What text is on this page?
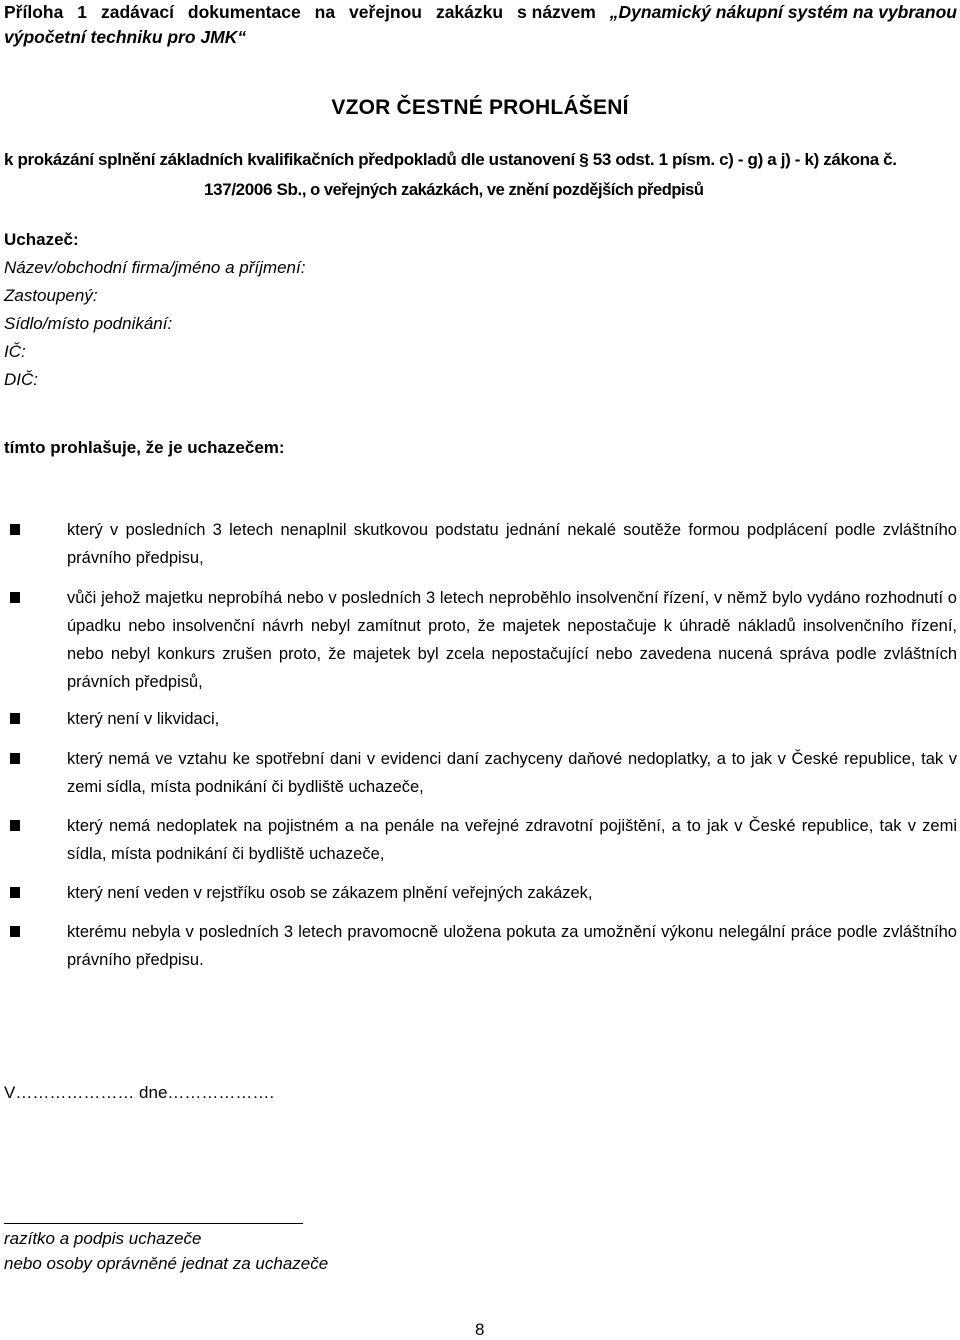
Příloha 1 zadávací dokumentace na veřejnou zakázku s názvem „Dynamický nákupní systém na vybranou
výpočetní techniku pro JMK“
VZOR ČESTNÉ PROHLÁŠENÍ
k prokázání splnění základních kvalifikačních předpokladů dle ustanovení § 53 odst. 1 písm. c) - g) a j) - k) zákona č.
137/2006 Sb., o veřejných zakázkách, ve znění pozdějších předpisů
Uchazeč:
Název/obchodní firma/jméno a příjmení:
Zastoupený:
Sídlo/místo podnikání:
IČ:
DIČ:
tímto prohlašuje, že je uchazečem:
který v posledních 3 letech nenaplnil skutkovou podstatu jednání nekalé soutěže formou podplácení podle zvláštního právního předpisu,
vůči jehož majetku neprobíhá nebo v posledních 3 letech neproběhlo insolvenční řízení, v němž bylo vydáno rozhodnutí o úpadku nebo insolvenční návrh nebyl zamítnut proto, že majetek nepostačuje k úhradě nákladů insolvenčního řízení, nebo nebyl konkurs zrušen proto, že majetek byl zcela nepostačující nebo zavedena nucená správa podle zvláštních právních předpisů,
který není v likvidaci,
který nemá ve vztahu ke spotřební dani v evidenci daní zachyceny daňové nedoplatky, a to jak v České republice, tak v zemi sídla, místa podnikání či bydliště uchazeče,
který nemá nedoplatek na pojistném a na penále na veřejné zdravotní pojištění, a to jak v České republice, tak v zemi sídla, místa podnikání či bydliště uchazeče,
který není veden v rejstříku osob se zákazem plnění veřejných zakázek,
kterému nebyla v posledních 3 letech pravomocně uložena pokuta za umožnění výkonu nelegální práce podle zvláštního právního předpisu.
V………………… dne……………….
razítko a podpis uchazeče
nebo osoby oprávněné jednat za uchazeče
8
